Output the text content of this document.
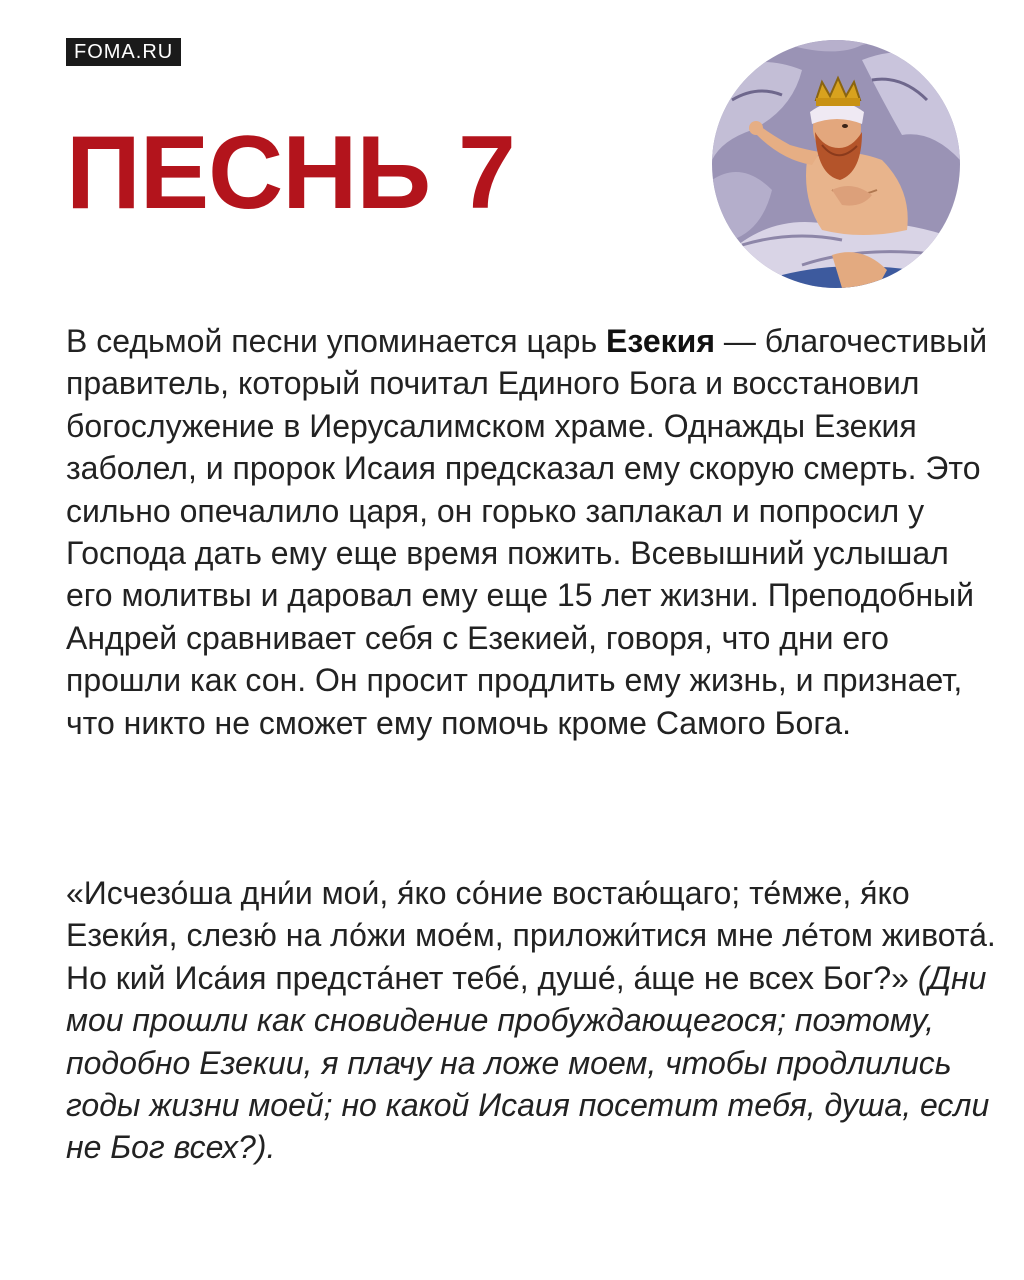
FOMA.RU
ПЕСНЬ 7

В седьмой песни упоминается царь Езекия — благочестивый правитель, который почитал Единого Бога и восстановил богослужение в Иерусалимском храме. Однажды Езекия заболел, и пророк Исаия предсказал ему скорую смерть. Это сильно опечалило царя, он горько заплакал и попросил у Господа дать ему еще время пожить. Всевышний услышал его молитвы и даровал ему еще 15 лет жизни. Преподобный Андрей сравнивает себя с Езекией, говоря, что дни его прошли как сон. Он просит продлить ему жизнь, и признает, что никто не сможет ему помочь кроме Самого Бога.

«Исчезо́ша дни́и мои́, я́ко со́ние востаю́щаго; те́мже, я́ко Езеки́я, слезю́ на ло́жи мое́м, приложи́тися мне ле́том живота́. Но кий Иса́ия предста́нет тебе́, душе́, а́ще не всех Бог?» (Дни мои прошли как сновидение пробуждающегося; поэтому, подобно Езекии, я плачу на ложе моем, чтобы продлились годы жизни моей; но какой Исаия посетит тебя, душа, если не Бог всех?).
